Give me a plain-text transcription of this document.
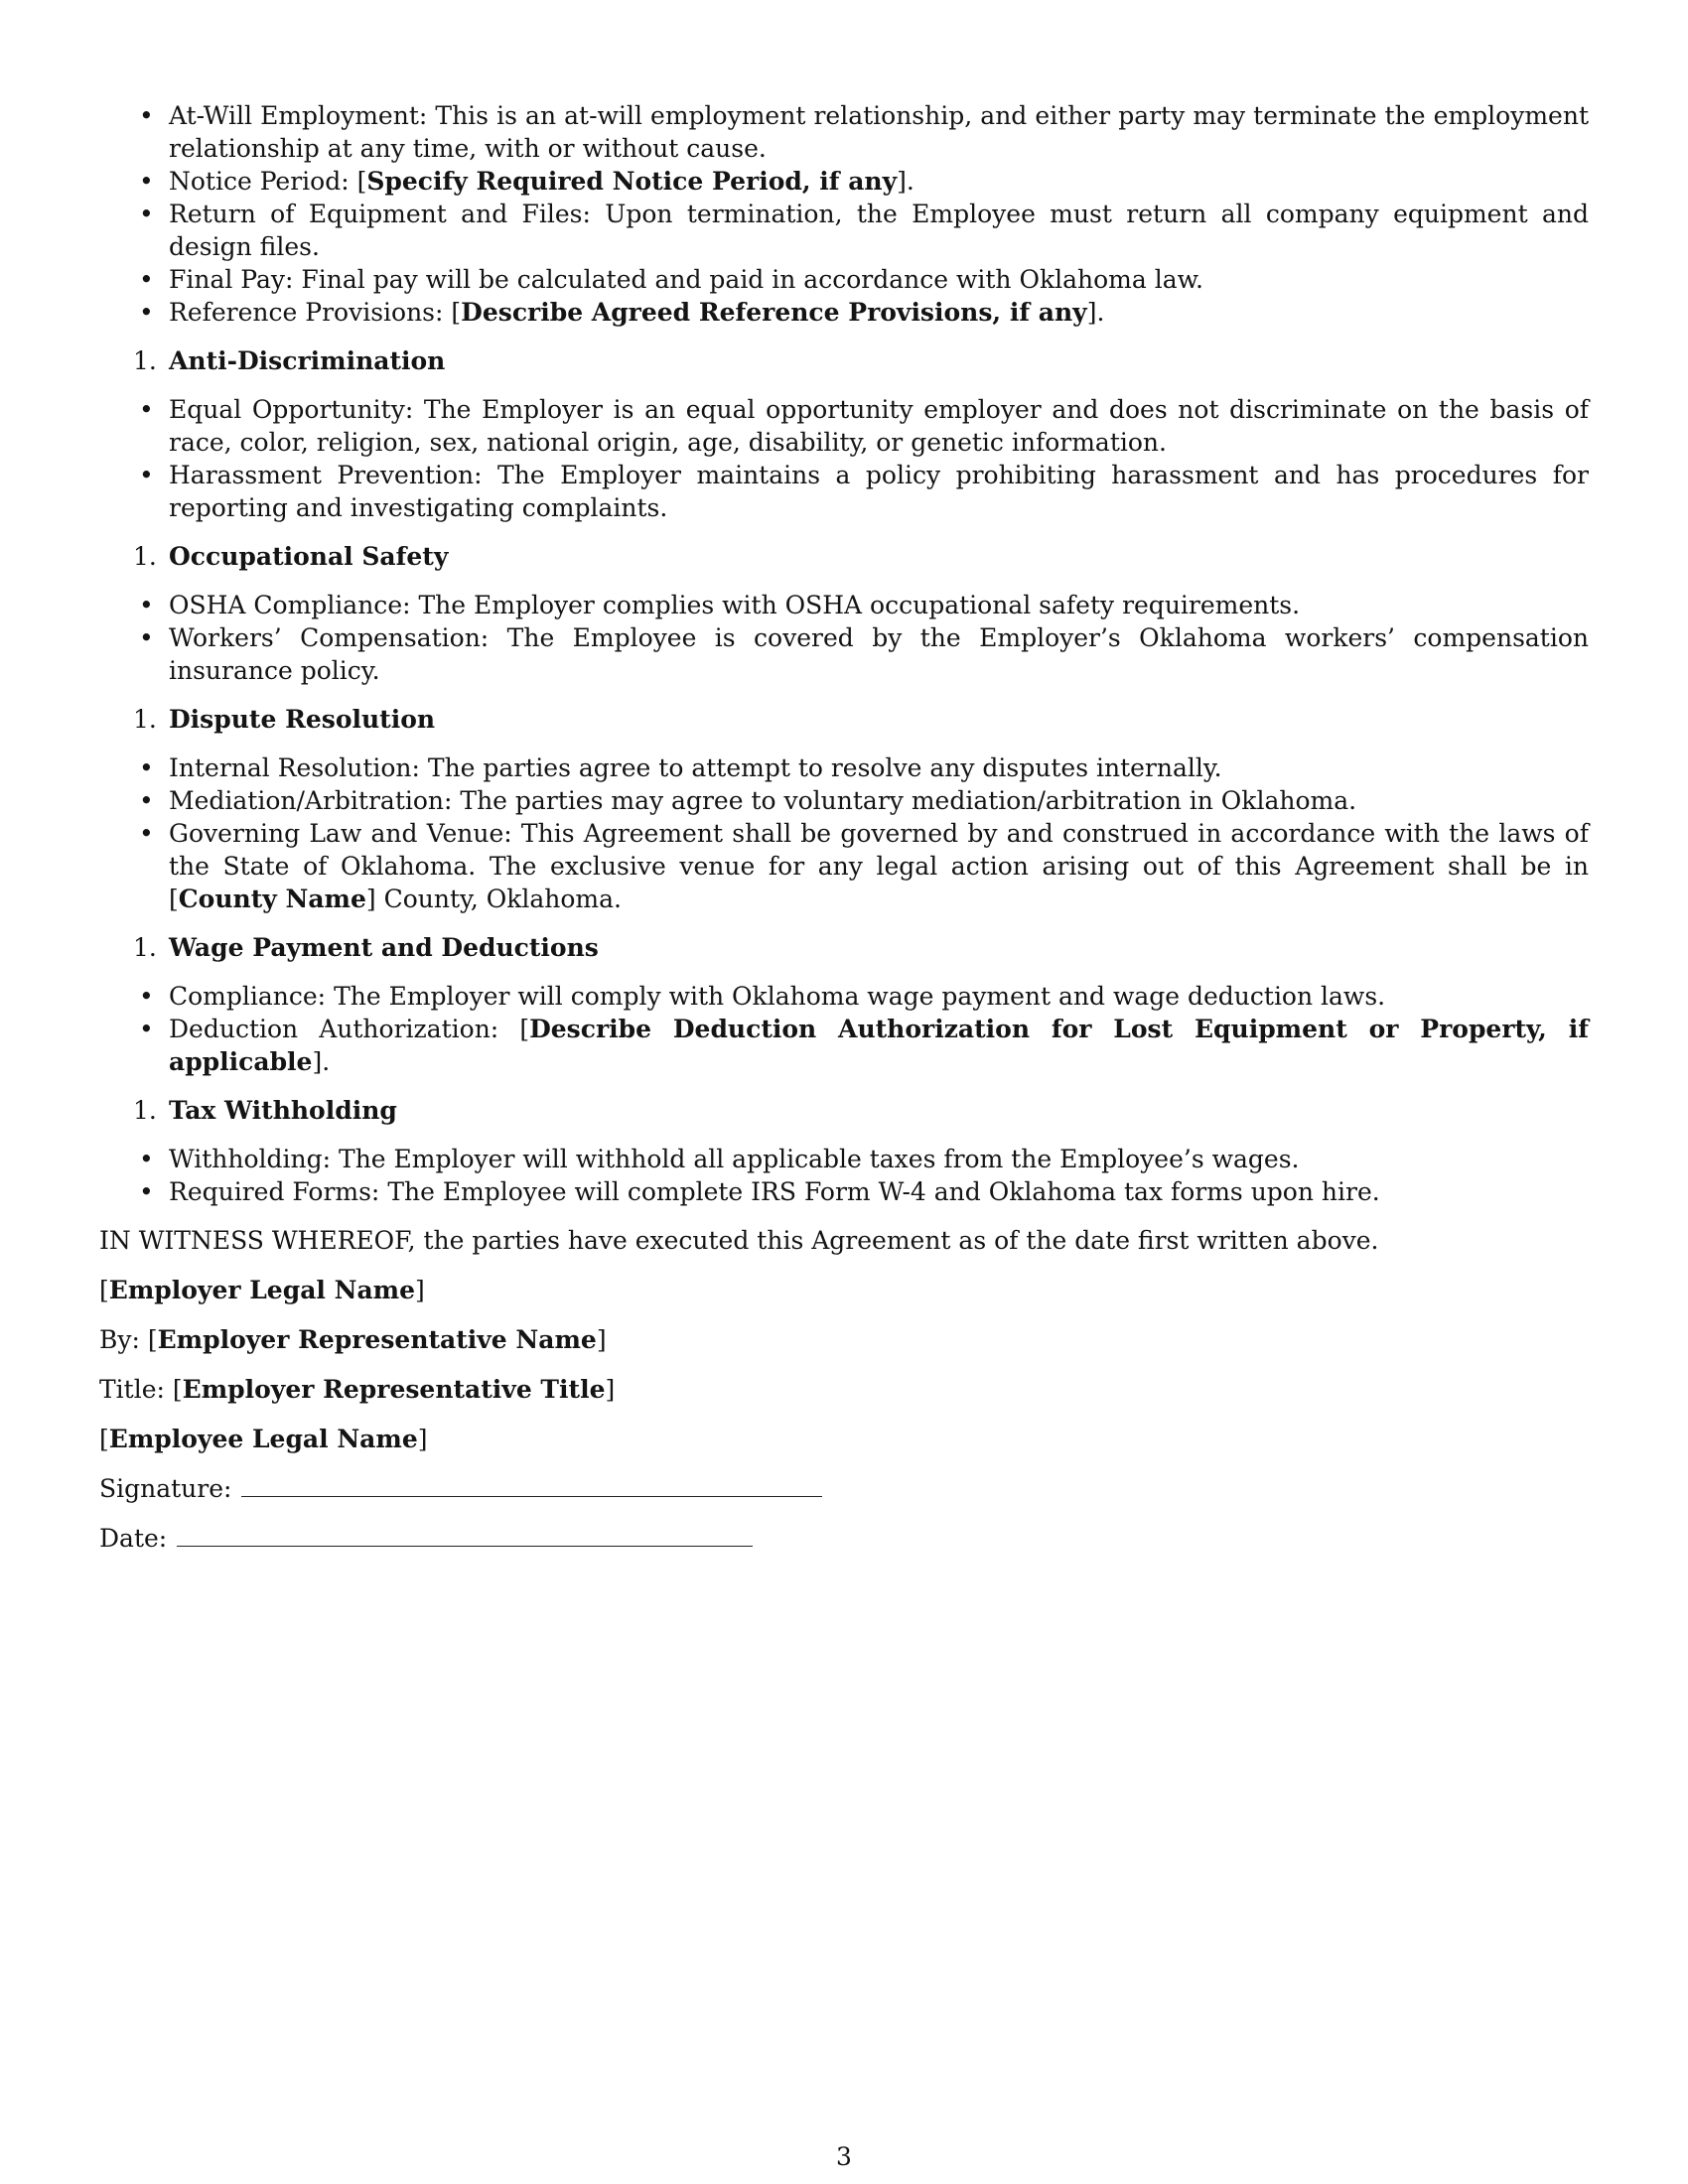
• At-Will Employment: This is an at-will employment relationship, and either party may terminate the employment relationship at any time, with or without cause.
• Notice Period: [Specify Required Notice Period, if any].
• Return of Equipment and Files: Upon termination, the Employee must return all company equipment and design files.
• Final Pay: Final pay will be calculated and paid in accordance with Oklahoma law.
• Reference Provisions: [Describe Agreed Reference Provisions, if any].
1. Anti-Discrimination
• Equal Opportunity: The Employer is an equal opportunity employer and does not discriminate on the basis of race, color, religion, sex, national origin, age, disability, or genetic information.
• Harassment Prevention: The Employer maintains a policy prohibiting harassment and has procedures for reporting and investigating complaints.
1. Occupational Safety
• OSHA Compliance: The Employer complies with OSHA occupational safety requirements.
• Workers’ Compensation: The Employee is covered by the Employer’s Oklahoma workers’ compensation insurance policy.
1. Dispute Resolution
• Internal Resolution: The parties agree to attempt to resolve any disputes internally.
• Mediation/Arbitration: The parties may agree to voluntary mediation/arbitration in Oklahoma.
• Governing Law and Venue: This Agreement shall be governed by and construed in accordance with the laws of the State of Oklahoma. The exclusive venue for any legal action arising out of this Agreement shall be in [County Name] County, Oklahoma.
1. Wage Payment and Deductions
• Compliance: The Employer will comply with Oklahoma wage payment and wage deduction laws.
• Deduction Authorization: [Describe Deduction Authorization for Lost Equipment or Property, if applicable].
1. Tax Withholding
• Withholding: The Employer will withhold all applicable taxes from the Employee’s wages.
• Required Forms: The Employee will complete IRS Form W-4 and Oklahoma tax forms upon hire.

IN WITNESS WHEREOF, the parties have executed this Agreement as of the date first written above.

[Employer Legal Name]

By: [Employer Representative Name]

Title: [Employer Representative Title]

[Employee Legal Name]

Signature:

Date:

3
